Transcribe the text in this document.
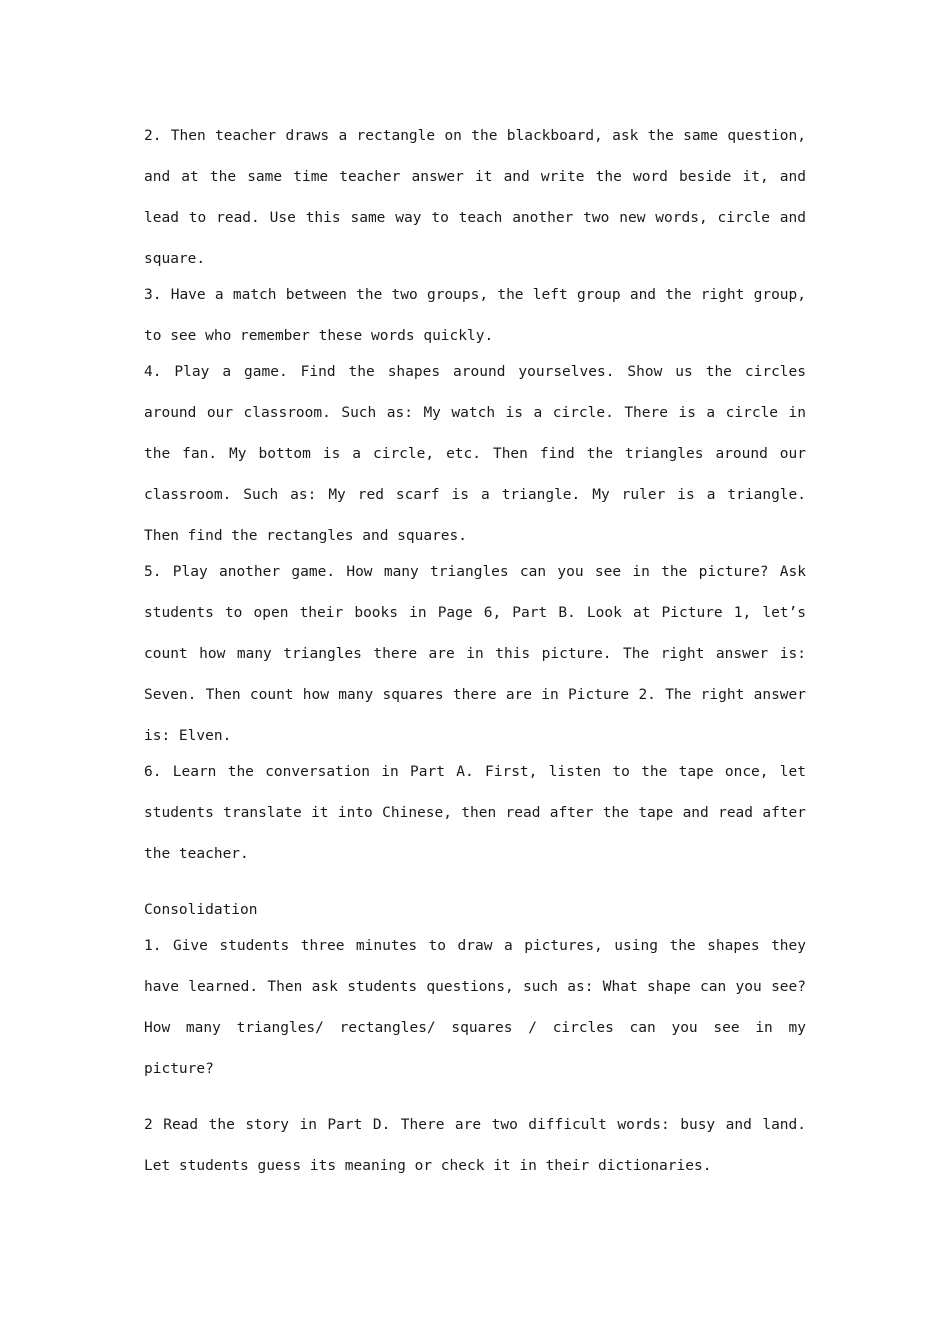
2. Then teacher draws a rectangle on the blackboard, ask the same question, and at the same time teacher answer it and write the word beside it, and lead to read. Use this same way to teach another two new words, circle and square.

3. Have a match between the two groups, the left group and the right group, to see who remember these words quickly.

4. Play a game. Find the shapes around yourselves. Show us the circles around our classroom. Such as: My watch is a circle. There is a circle in the fan. My bottom is a circle, etc. Then find the triangles around our classroom. Such as: My red scarf is a triangle. My ruler is a triangle. Then find the rectangles and squares.

5. Play another game. How many triangles can you see in the picture? Ask students to open their books in Page 6, Part B. Look at Picture 1, let’s count how many triangles there are in this picture. The right answer is: Seven. Then count how many squares there are in Picture 2. The right answer is: Elven.

6. Learn the conversation in Part A. First, listen to the tape once, let students translate it into Chinese, then read after the tape and read after the teacher.

Consolidation

1. Give students three minutes to draw a pictures, using the shapes they have learned. Then ask students questions, such as: What shape can you see? How many triangles/ rectangles/ squares / circles can you see in my picture?

2 Read the story in Part D. There are two difficult words: busy and land. Let students guess its meaning or check it in their dictionaries.
